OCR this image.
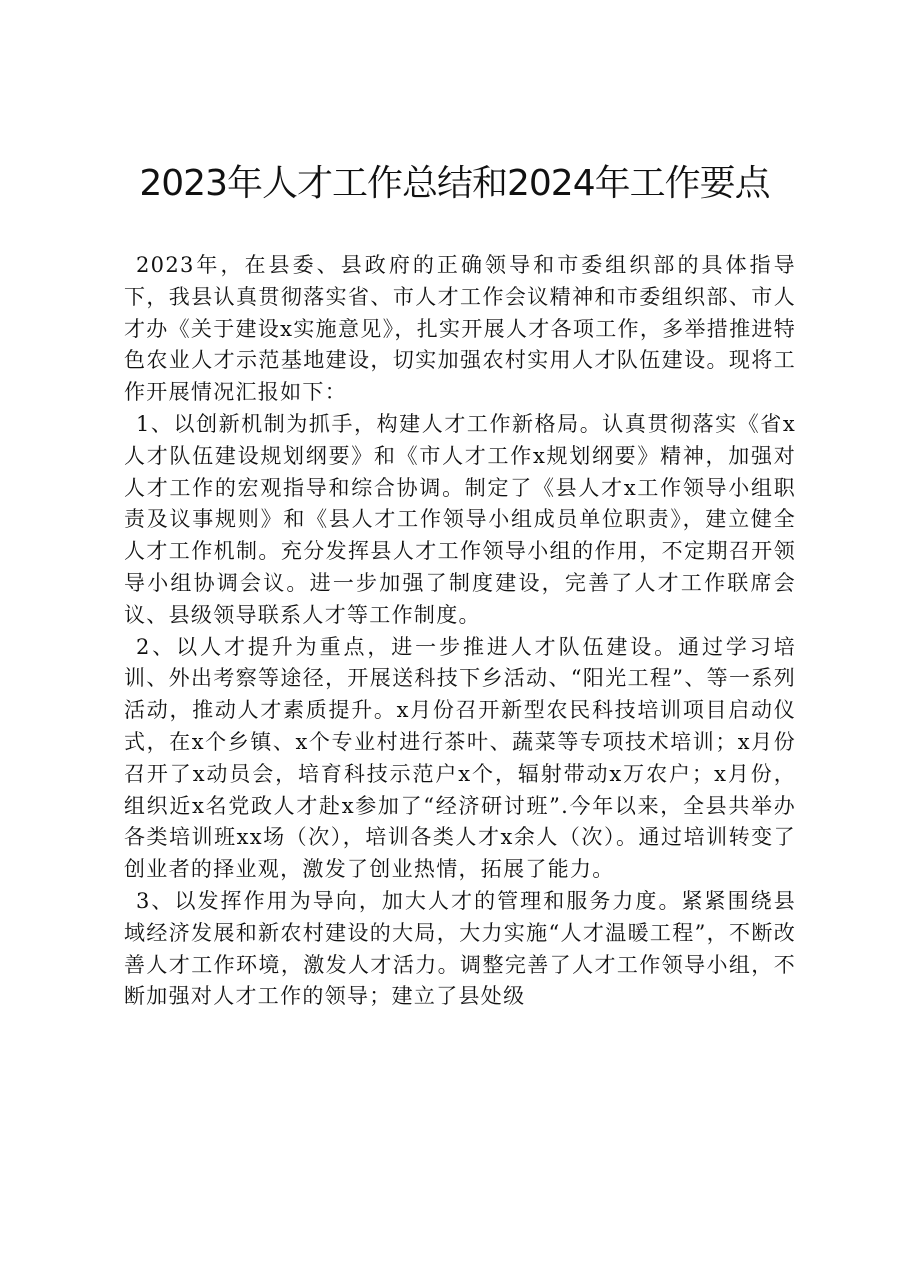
2023年人才工作总结和2024年工作要点

2023年，在县委、县政府的正确领导和市委组织部的具体指导下，我县认真贯彻落实省、市人才工作会议精神和市委组织部、市人才办《关于建设x实施意见》，扎实开展人才各项工作，多举措推进特色农业人才示范基地建设，切实加强农村实用人才队伍建设。现将工作开展情况汇报如下：

1、以创新机制为抓手，构建人才工作新格局。认真贯彻落实《省x人才队伍建设规划纲要》和《市人才工作x规划纲要》精神，加强对人才工作的宏观指导和综合协调。制定了《县人才x工作领导小组职责及议事规则》和《县人才工作领导小组成员单位职责》，建立健全人才工作机制。充分发挥县人才工作领导小组的作用，不定期召开领导小组协调会议。进一步加强了制度建设，完善了人才工作联席会议、县级领导联系人才等工作制度。

2、以人才提升为重点，进一步推进人才队伍建设。通过学习培训、外出考察等途径，开展送科技下乡活动、“阳光工程”、等一系列活动，推动人才素质提升。x月份召开新型农民科技培训项目启动仪式，在x个乡镇、x个专业村进行茶叶、蔬菜等专项技术培训；x月份召开了x动员会，培育科技示范户x个，辐射带动x万农户；x月份，组织近x名党政人才赴x参加了“经济研讨班”.今年以来，全县共举办各类培训班xx场（次），培训各类人才x余人（次）。通过培训转变了创业者的择业观，激发了创业热情，拓展了能力。

3、以发挥作用为导向，加大人才的管理和服务力度。紧紧围绕县域经济发展和新农村建设的大局，大力实施“人才温暖工程”，不断改善人才工作环境，激发人才活力。调整完善了人才工作领导小组，不断加强对人才工作的领导；建立了县处级
